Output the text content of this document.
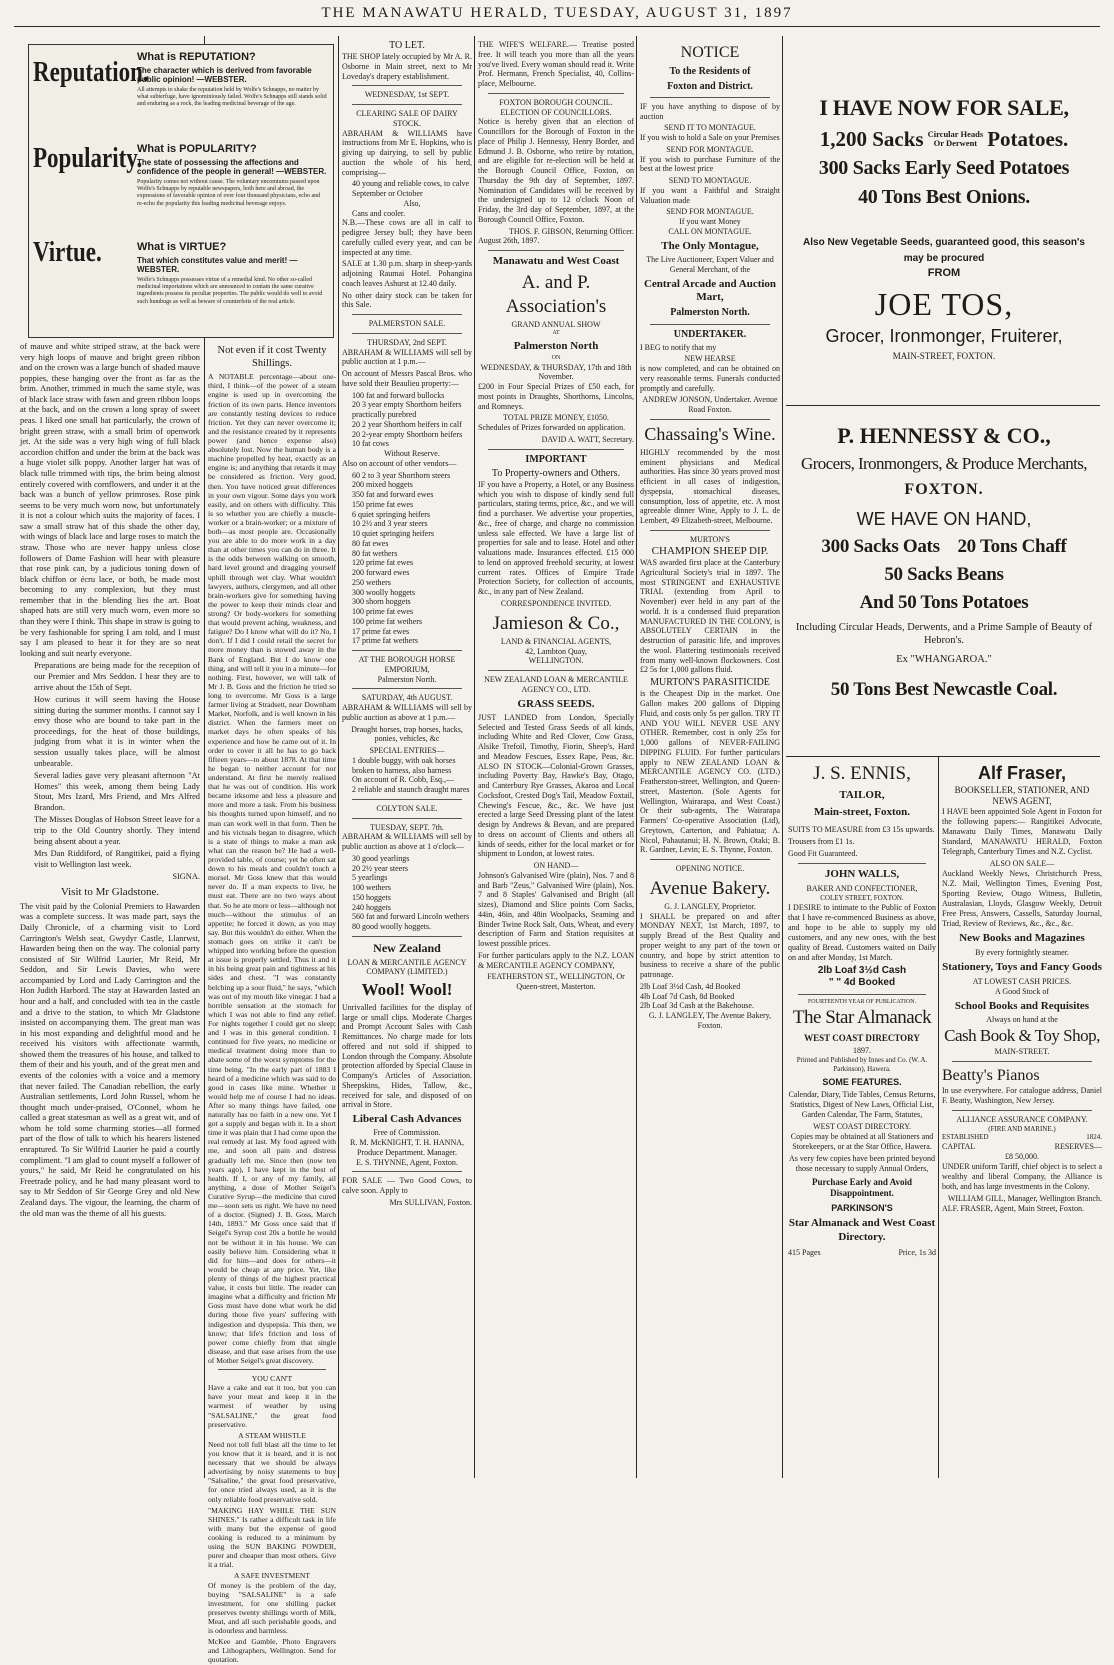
THE MANAWATU HERALD, TUESDAY, AUGUST 31, 1897
Reputation.
Popularity.
Virtue.
What is REPUTATION?
The character which is derived from favorable public opinion! —WEBSTER.
All attempts to shake the reputation held by Wolfe's Schnapps, no matter by what subterfuge, have ignominiously failed. Wolfe's Schnapps still stands solid and enduring as a rock, the leading medicinal beverage of the age.
What is POPULARITY?
The state of possessing the affections and confidence of the people in general! —WEBSTER.
Popularity comes not without cause. The voluntary encomiums passed upon Wolfe's Schnapps by reputable newspapers, both here and abroad, the expressions of favorable opinion of over four thousand physicians, echo and re-echo the popularity this leading medicinal beverage enjoys.
What is VIRTUE?
That which constitutes value and merit! —WEBSTER.
Wolfe's Schnapps possesses virtue of a remedial kind. No other so-called medicinal importations which are announced to contain the same curative ingredients possess its peculiar properties. The public would do well to avoid such humbugs as well as beware of counterfeits of the real article.

of mauve and white striped straw, at the back were very high loops of mauve and bright green ribbon and on the crown was a large bunch of shaded mauve poppies, these hanging over the front as far as the brim. Another, trimmed in much the same style, was of black lace straw with fawn and green ribbon loops at the back, and on the crown a long spray of sweet peas. I liked one small hat particularly, the crown of bright green straw, with a small brim of openwork jet. At the side was a very high wing of full black accordion chiffon and under the brim at the back was a huge violet silk poppy. Another larger hat was of black tulle trimmed with tips, the brim being almost entirely covered with cornflowers, and under it at the back was a bunch of yellow primroses. Rose pink seems to be very much worn now, but unfortunately it is not a colour which suits the majority of faces. I saw a small straw hat of this shade the other day, with wings of black lace and large roses to match the straw. Those who are never happy unless close followers of Dame Fashion will hear with pleasure that rose pink can, by a judicious toning down of black chiffon or écru lace, or both, be made most becoming to any complexion, but they must remember that in the blending lies the art. Boat shaped hats are still very much worn, even more so than they were I think. This shape in straw is going to be very fashionable for spring I am told, and I must say I am pleased to hear it for they are so neat looking and suit nearly everyone.

Preparations are being made for the reception of our Premier and Mrs Seddon. I hear they are to arrive about the 15th of Sept.

How curious it will seem having the House sitting during the summer months. I cannot say I envy those who are bound to take part in the proceedings, for the heat of those buildings, judging from what it is in winter when the session usually takes place, will be almost unbearable.

Several ladies gave very pleasant afternoon "At Homes" this week, among them being Lady Stout, Mrs Izard, Mrs Friend, and Mrs Alfred Brandon.

The Misses Douglas of Hobson Street leave for a trip to the Old Country shortly. They intend being absent about a year.

Mrs Dan Riddiford, of Rangitikei, paid a flying visit to Wellington last week.

SIGNA.
Visit to Mr Gladstone.

The visit paid by the Colonial Premiers to Hawarden was a complete success. It was made part, says the Daily Chronicle, of a charming visit to Lord Carrington's Welsh seat, Gwydyr Castle, Llanrwst, Hawarden being then on the way. The colonial party consisted of Sir Wilfrid Laurier, Mr Reid, Mr Seddon, and Sir Lewis Davies, who were accompanied by Lord and Lady Carrington and the Hon Judith Harbord. The stay at Hawarden lasted an hour and a half, and concluded with tea in the castle and a drive to the station, to which Mr Gladstone insisted on accompanying them. The great man was in his most expanding and delightful mood and he received his visitors with affectionate warmth, showed them the treasures of his house, and talked to them of their and his youth, and of the great men and events of the colonies with a voice and a memory that never failed. The Canadian rebellion, the early Australian settlements, Lord John Russel, whom he thought much under-praised, O'Connel, whom he called a great statesman as well as a great wit, and of whom he told some charming stories—all formed part of the flow of talk to which his hearers listened enraptured. To Sir Wilfrid Laurier he paid a courtly compliment. "I am glad to count myself a follower of yours," he said, Mr Reid he congratulated on his Freetrade policy, and he had many pleasant word to say to Mr Seddon of Sir George Grey and old New Zealand days. The vigour, the learning, the charm of the old man was the theme of all his guests.

Not even if it cost Twenty Shillings.

A NOTABLE percentage—about one-third, I think—of the power of a steam engine is used up in overcoming the friction of its own parts. Hence inventors are constantly testing devices to reduce friction. Yet they can never overcome it; and the resistance created by it represents power (and hence expense also) absolutely lost. Now the human body is a machine propelled by heat, exactly as an engine is; and anything that retards it may be considered as friction. Very good, then. You have noticed great differences in your own vigour. Some days you work easily, and on others with difficulty. This is so whether you are chiefly a muscle-worker or a brain-worker; or a mixture of both—as most people are. Occasionally you are able to do more work in a day than at other times you can do in three. It is the odds between walking on smooth, hard level ground and dragging yourself uphill through wet clay. What wouldn't lawyers, authors, clergymen, and all other brain-workers give for something having the power to keep their minds clear and strong? Or body-workers for something that would prevent aching, weakness, and fatigue? Do I know what will do it? No, I don't. If I did I could retail the secret for more money than is stowed away in the Bank of England. But I do know one thing, and will tell it you in a minute—for nothing. First, however, we will talk of Mr J. B. Goss and the friction he tried so long to overcome. Mr Goss is a large farmer living at Stradsett, near Downham Market, Norfolk, and is well known in his district. When the farmers meet on market days he often speaks of his experience and how he came out of it. In order to cover it all he has to go back fifteen years—to about 1878. At that time he began to neither account for nor understand. At first he merely realised that he was out of condition. His work became irksome and less a pleasure and more and more a task. From his business his thoughts turned upon himself, and no man can work well in that form. Then he and his victuals began to disagree, which is a state of things to make a man ask what can the reason be? He had a well-provided table, of course; yet he often sat down to his meals and couldn't touch a morsel. Mr Goss knew that this would never do. If a man expects to live, he must eat. There are no two ways about that. So he ate more or less—although not much—without the stimulus of an appetite; he forced it down, as you may say. But this wouldn't do either. When the stomach goes on strike it can't be whipped into working before the question at issue is properly settled. Thus it and it in his being great pain and tightness at his sides and chest. "I was constantly belching up a sour fluid," he says, "which was out of my mouth like vinegar. I had a horrible sensation at the stomach for which I was not able to find any relief. For nights together I could get no sleep; and I was in this general condition. I continued for five years, no medicine or medical treatment doing more than to abate some of the worst symptoms for the time being. "In the early part of 1883 I heard of a medicine which was said to do good in cases like mine. Whether it would help me of course I had no ideas. After so many things have failed, one naturally has no faith in a new one. Yet I got a supply and began with it. In a short time it was plain that I had come upon the real remedy at last. My food agreed with me, and soon all pain and distress gradually left me. Since then (now ten years ago), I have kept in the best of health. If I, or any of my family, ail anything, a dose of Mother Seigel's Curative Syrup—the medicine that cured me—soon sets us right. We have no need of a doctor. (Signed) J. B. Goss, March 14th, 1893." Mr Goss once said that if Seigel's Syrup cost 20s a bottle he would not be without it in his house. We can easily believe him. Considering what it did for him—and does for others—it would be cheap at any price. Yet, like plenty of things of the highest practical value, it costs but little. The reader can imagine what a difficulty and friction Mr Goss must have done what work he did during those five years' suffering with indigestion and dyspepsia. This then, we know; that life's friction and loss of power come chiefly from that single disease, and that ease arises from the use of Mother Seigel's great discovery.

YOU CAN'T

Have a cake and eat it too, but you can have your meat and keep it in the warmest of weather by using "SALSALINE," the great food preservative.

A STEAM WHISTLE

Need not toll full blast all the time to let you know that it is heard, and it is not necessary that we should be always advertising by noisy statements to buy "Salsaline," the great food preservative, for once tried always used, as it is the only reliable food preservative sold.

"MAKING HAY WHILE THE SUN SHINES." Is rather a difficult task in life with many but the expense of good cooking is reduced to a minimum by using the SUN BAKING POWDER, purer and cheaper than most others. Give it a trial.

A SAFE INVESTMENT

Of money is the problem of the day, buying "SALSALINE" is a safe investment, for one shilling packet preserves twenty shillings worth of Milk, Meat, and all such perishable goods, and is odourless and harmless.

McKee and Gamble, Photo Engravers and Lithographers, Wellington. Send for quotation.

TO LET.

THE SHOP lately occupied by Mr A. R. Osborne in Main street, next to Mr Loveday's drapery establishment.

WEDNESDAY, 1st SEPT.
CLEARING SALE OF DAIRY STOCK.

ABRAHAM & WILLIAMS have instructions from Mr E. Hopkins, who is giving up dairying, to sell by public auction the whole of his herd, comprising—

40 young and reliable cows, to calve September or October
Also,
Cans and cooler.

N.B.—These cows are all in calf to pedigree Jersey bull; they have been carefully culled every year, and can be inspected at any time.

SALE at 1.30 p.m. sharp in sheep-yards adjoining Raumai Hotel. Pohangina coach leaves Ashurst at 12.40 daily.

No other dairy stock can be taken for this Sale.

PALMERSTON SALE.
THURSDAY, 2nd SEPT.

ABRAHAM & WILLIAMS will sell by public auction at 1 p.m.—

On account of Messrs Pascal Bros. who have sold their Beaulieu property:—

100 fat and forward bullocks
20 3 year empty Shorthorn heifers practically purebred
20 2 year Shorthorn heifers in calf
20 2-year empty Shorthorn heifers
10 fat cows
Without Reserve.

Also on account of other vendors—

60 2 to 3 year Shorthorn steers
200 mixed hoggets
350 fat and forward ewes
150 prime fat ewes
6 quiet springing heifers
10 2½ and 3 year steers
10 quiet springing heifers
80 fat ewes
80 fat wethers
120 prime fat ewes
200 forward ewes
250 wethers
300 woolly hoggets
300 shorn hoggets
100 prime fat ewes
100 prime fat wethers
17 prime fat ewes
17 prime fat wethers
AT THE BOROUGH HORSE EMPORIUM,
Palmerston North.
SATURDAY, 4th AUGUST.

ABRAHAM & WILLIAMS will sell by public auction as above at 1 p.m.—

Draught horses, trap horses, hacks, ponies, vehicles, &c

SPECIAL ENTRIES—
1 double buggy, with oak horses broken to harness, also harness
On account of R. Cobb, Esq.,—
2 reliable and staunch draught mares
COLYTON SALE.
TUESDAY, SEPT. 7th.

ABRAHAM & WILLIAMS will sell by public auction as above at 1 o'clock—

30 good yearlings
20 2½ year steers
5 yearlings
100 wethers
150 hoggets
240 hoggets
560 fat and forward Lincoln wethers
80 good woolly hoggets.
New Zealand
LOAN & MERCANTILE AGENCY COMPANY (LIMITED.)
Wool! Wool!

Unrivalled facilities for the display of large or small clips. Moderate Charges and Prompt Account Sales with Cash Remittances. No charge made for lots offered and not sold if shipped to London through the Company. Absolute protection afforded by Special Clause in Company's Articles of Association. Sheepskins, Hides, Tallow, &c., received for sale, and disposed of on arrival in Store.

Liberal Cash Advances
Free of Commission.
R. M. McKNIGHT, T. H. HANNA,
Produce Department. Manager.
E. S. THYNNE, Agent, Foxton.

FOR SALE — Two Good Cows, to calve soon. Apply to

Mrs SULLIVAN, Foxton.

THE WIFE'S WELFARE.— Treatise posted free. It will teach you more than all the years you've lived. Every woman should read it. Write Prof. Hermann, French Specialist, 40, Collins-place, Melbourne.

FOXTON BOROUGH COUNCIL.
ELECTION OF COUNCILLORS.

Notice is hereby given that an election of Councillors for the Borough of Foxton in the place of Philip J. Hennessy, Henry Border, and Edmund J. B. Osborne, who retire by rotation, and are eligible for re-election will be held at the Borough Council Office, Foxton, on Thursday the 9th day of September, 1897. Nomination of Candidates will be received by the undersigned up to 12 o'clock Noon of Friday, the 3rd day of September, 1897, at the Borough Council Office, Foxton.

THOS. F. GIBSON, Returning Officer.
August 26th, 1897.
Manawatu and West Coast
A. and P. Association's
GRAND ANNUAL SHOW
AT
Palmerston North
ON
WEDNESDAY, & THURSDAY, 17th and 18th November.

£200 in Four Special Prizes of £50 each, for most points in Draughts, Shorthorns, Lincolns, and Romneys.

TOTAL PRIZE MONEY, £1050.

Schedules of Prizes forwarded on application.

DAVID A. WATT, Secretary.
IMPORTANT
To Property-owners and Others.

IF you have a Property, a Hotel, or any Business which you wish to dispose of kindly send full particulars, stating terms, price, &c., and we will find a purchaser. We advertise your properties, &c., free of charge, and charge no commission unless sale effected. We have a large list of properties for sale and to lease. Hotel and other valuations made. Insurances effected. £15 000 to lend on approved freehold security, at lowest current rates. Offices of Empire Trade Protection Society, for collection of accounts, &c., in any part of New Zealand.

CORRESPONDENCE INVITED.
Jamieson & Co.,
LAND & FINANCIAL AGENTS,
42, Lambton Quay,
WELLINGTON.
NEW ZEALAND LOAN & MERCANTILE AGENCY CO., LTD.
GRASS SEEDS.

JUST LANDED from London, Specially Selected and Tested Grass Seeds of all kinds, including White and Red Clover, Cow Grass, Alsike Trefoil, Timothy, Fiorin, Sheep's, Hard and Meadow Fescues, Essex Rape, Peas, &c. ALSO IN STOCK—Colonial-Grown Grasses, including Poverty Bay, Hawke's Bay, Otago, and Canterbury Rye Grasses, Akaroa and Local Cocksfoot, Crested Dog's Tail, Meadow Foxtail, Chewing's Fescue, &c., &c. We have just erected a large Seed Dressing plant of the latest design by Andrews & Bevan, and are prepared to dress on account of Clients and others all kinds of seeds, either for the local market or for shipment to London, at lowest rates.

ON HAND—

Johnson's Galvanised Wire (plain), Nos. 7 and 8 and Barb "Zeus," Galvanised Wire (plain), Nos. 7 and 8 Staples' Galvanised and Bright (all sizes), Diamond and Slice points Corn Sacks, 44in, 46in, and 48in Woolpacks, Seaming and Binder Twine Rock Salt, Oats, Wheat, and every description of Farm and Station requisites at lowest possible prices.

For further particulars apply to the N.Z. LOAN & MERCANTILE AGENCY COMPANY,

FEATHERSTON ST., WELLINGTON, Or Queen-street, Masterton.
NOTICE
To the Residents of
Foxton and District.

IF you have anything to dispose of by auction

SEND IT TO MONTAGUE.

If you wish to hold a Sale on your Premises

SEND FOR MONTAGUE.

If you wish to purchase Furniture of the best at the lowest price

SEND TO MONTAGUE.

If you want a Faithful and Straight Valuation made

SEND FOR MONTAGUE.
If you want Money
CALL ON MONTAGUE.
The Only Montague,
The Live Auctioneer, Expert Valuer and General Merchant, of the
Central Arcade and Auction Mart,
Palmerston North.
UNDERTAKER.

I BEG to notify that my

NEW HEARSE

is now completed, and can be obtained on very reasonable terms. Funerals conducted promptly and carefully.

ANDREW JONSON, Undertaker. Avenue Road Foxton.
Chassaing's Wine.

HIGHLY recommended by the most eminent physicians and Medical authorities. Has since 30 years proved most efficient in all cases of indigestion, dyspepsia, stomachical diseases, consumption, loss of appetite, etc. A most agreeable dinner Wine, Apply to J. L. de Lembert, 49 Elizabeth-street, Melbourne.

MURTON'S
CHAMPION SHEEP DIP.

WAS awarded first place at the Canterbury Agricultural Society's trial in 1897. The most STRINGENT and EXHAUSTIVE TRIAL (extending from April to November) ever held in any part of the world. It is a condensed fluid preparation MANUFACTURED IN THE COLONY, is ABSOLUTELY CERTAIN in the destruction of parasitic life, and improves the wool. Flattering testimonials received from many well-known flockowners. Cost £2 5s for 1,000 gallons fluid.

MURTON'S PARASITICIDE

is the Cheapest Dip in the market. One Gallon makes 200 gallons of Dipping Fluid, and costs only 5s per gallon. TRY IT AND YOU WILL NEVER USE ANY OTHER. Remember, cost is only 25s for 1,000 gallons of NEVER-FAILING DIPPING FLUID. For further particulars apply to NEW ZEALAND LOAN & MERCANTILE AGENCY CO. (LTD.) Featherston-street, Wellington, and Queen-street, Masterton. (Sole Agents for Wellington, Wairarapa, and West Coast.) Or their sub-agents, The Wairarapa Farmers' Co-operative Association (Ltd), Greytown, Carterton, and Pahiatua; A. Nicol, Pahautanui; H. N. Brown, Otaki; B. R. Gardner, Levin; E. S. Thynne, Foxton.

OPENING NOTICE.
Avenue Bakery.
G. J. LANGLEY, Proprietor.

I SHALL be prepared on and after MONDAY NEXT, 1st March, 1897, to supply Bread of the Best Quality and proper weight to any part of the town or country, and hope by strict attention to business to receive a share of the public patronage.

2lb Loaf 3½d Cash, 4d Booked
4lb Loaf 7d Cash, 8d Booked
2lb Loaf 3d Cash at the Bakehouse.
G. J. LANGLEY, The Avenue Bakery, Foxton.
I HAVE NOW FOR SALE,
1,200 Sacks Circular Heads
Or Derwent Potatoes.
300 Sacks Early Seed Potatoes
40 Tons Best Onions.
Also New Vegetable Seeds, guaranteed good, this season's may be procured
FROM
JOE TOS,
Grocer, Ironmonger, Fruiterer,
MAIN-STREET, FOXTON.
P. HENNESSY & CO.,
Grocers, Ironmongers, & Produce Merchants,
FOXTON.
WE HAVE ON HAND,
300 Sacks Oats    20 Tons Chaff
50 Sacks Beans
And 50 Tons Potatoes
Including Circular Heads, Derwents, and a Prime Sample of Beauty of Hebron's.
Ex "WHANGAROA."
50 Tons Best Newcastle Coal.
J. S. ENNIS,
TAILOR,
Main-street, Foxton.

SUITS TO MEASURE from £3 15s upwards.

Trousers from £1 1s.

Good Fit Guaranteed.

JOHN WALLS,
BAKER AND CONFECTIONER,
COLEY STREET, FOXTON.

I DESIRE to intimate to the Public of Foxton that I have re-commenced Business as above, and hope to be able to supply my old customers, and any new ones, with the best quality of Bread. Customers waited on Daily on and after Monday, 1st March.

2lb Loaf 3½d Cash
" " 4d Booked
FOURTEENTH YEAR OF PUBLICATION.
The Star Almanack
WEST COAST DIRECTORY
1897.
Printed and Published by Innes and Co. (W. A. Parkinson), Hawera.
SOME FEATURES.

Calendar, Diary, Tide Tables, Census Returns, Statistics, Digest of New Laws, Official List, Garden Calendar, The Farm, Statutes,

WEST COAST DIRECTORY.

Copies may be obtained at all Stationers and Storekeepers, or at the Star Office, Hawera.

As very few copies have been printed beyond those necessary to supply Annual Orders,

Purchase Early and Avoid Disappointment.
PARKINSON'S
Star Almanack and West Coast Directory.
415 Pages	Price, 1s 3d
Alf Fraser,
BOOKSELLER, STATIONER, AND NEWS AGENT,

I HAVE been appointed Sole Agent in Foxton for the following papers:— Rangitikei Advocate, Manawatu Daily Times, Manawatu Daily Standard, MANAWATU HERALD, Foxton Telegraph, Canterbury Times and N.Z. Cyclist.

ALSO ON SALE—

Auckland Weekly News, Christchurch Press, N.Z. Mail, Wellington Times, Evening Post, Sporting Review, Otago Witness, Bulletin, Australasian, Lloyds, Glasgow Weekly, Detroit Free Press, Answers, Cassells, Saturday Journal, Triad, Review of Reviews, &c., &c., &c.

New Books and Magazines
By every fortnightly steamer.
Stationery, Toys and Fancy Goods
AT LOWEST CASH PRICES.
A Good Stock of
School Books and Requisites
Always on hand at the
Cash Book & Toy Shop,
MAIN-STREET.
Beatty's Pianos

In use everywhere. For catalogue address, Daniel F. Beatty, Washington, New Jersey.

ALLIANCE ASSURANCE COMPANY.
(FIRE AND MARINE.)
ESTABLISHED	1824.
CAPITAL	RESERVES—
£8 50,000.

UNDER uniform Tariff, chief object is to select a wealthy and liberal Company, the Alliance is both, and has large investments in the Colony.

WILLIAM GILL, Manager, Wellington Branch.
ALF. FRASER, Agent, Main Street, Foxton.
